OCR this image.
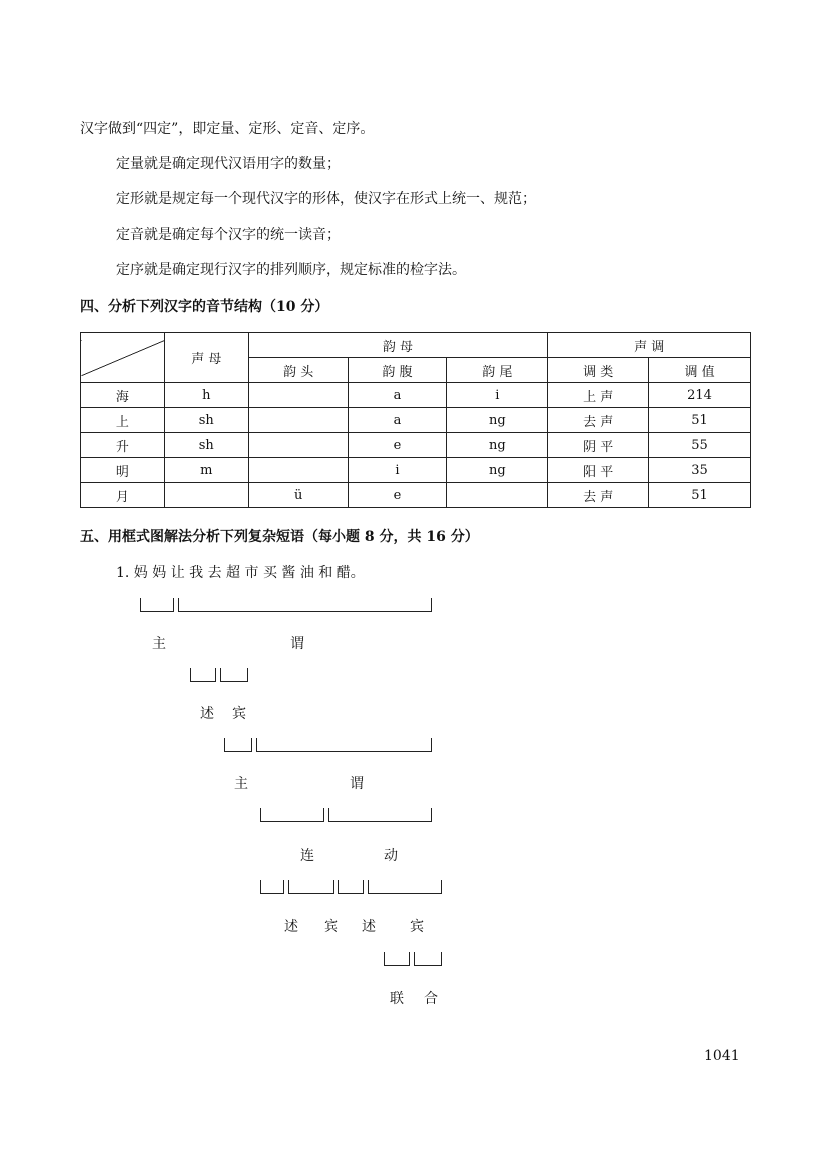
汉字做到“四定”，即定量、定形、定音、定序。
定量就是确定现代汉语用字的数量；
定形就是规定每一个现代汉字的形体，使汉字在形式上统一、规范；
定音就是确定每个汉字的统一读音；
定序就是确定现行汉字的排列顺序，规定标准的检字法。
四、分析下列汉字的音节结构（10 分）
	声 母	韵 母			声 调	
		韵 头	韵 腹	韵 尾	调 类	调 值
海	h		a	i	上 声	214
上	sh		a	ng	去 声	51
升	sh		e	ng	阴 平	55
明	m		i	ng	阳 平	35
月		ü	e		去 声	51
五、用框式图解法分析下列复杂短语（每小题 8 分，共 16 分）
1. 妈 妈 让 我 去 超 市 买 酱 油 和 醋。
主	谓
述 宾
主	谓
连	动
述 宾 述 宾
联 合
1041
